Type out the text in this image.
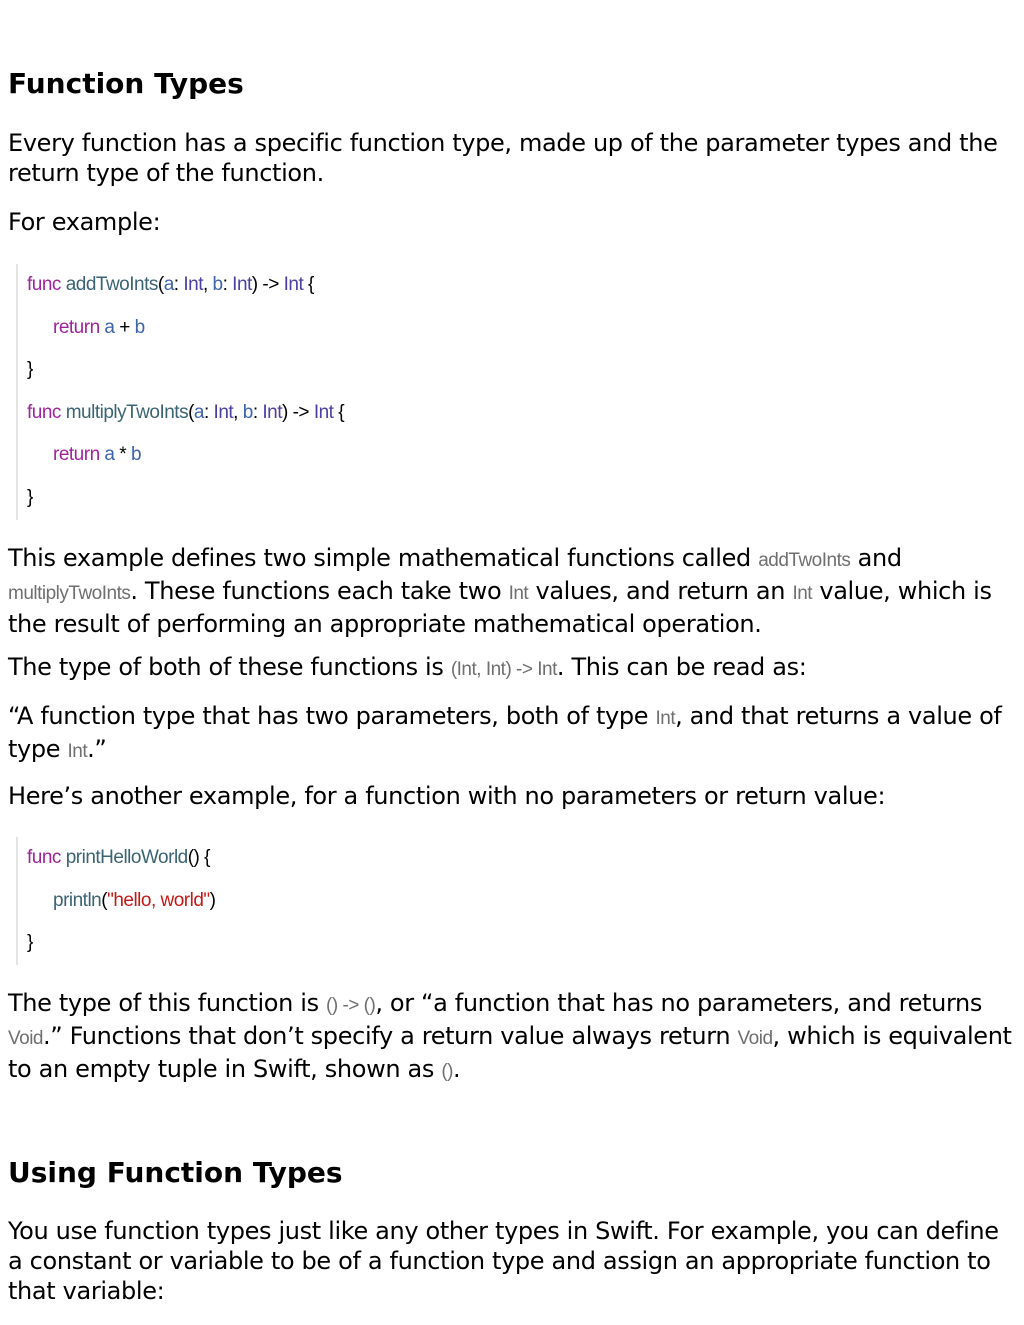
Function Types

Every function has a specific function type, made up of the parameter types and the return type of the function.

For example:

func addTwoInts(a: Int, b: Int) -> Int {
return a + b
}
func multiplyTwoInts(a: Int, b: Int) -> Int {
return a * b
}

This example defines two simple mathematical functions called addTwoInts and multiplyTwoInts. These functions each take two Int values, and return an Int value, which is the result of performing an appropriate mathematical operation.

The type of both of these functions is (Int, Int) -> Int. This can be read as:

“A function type that has two parameters, both of type Int, and that returns a value of type Int.”

Here’s another example, for a function with no parameters or return value:

func printHelloWorld() {
println("hello, world")
}

The type of this function is () -> (), or “a function that has no parameters, and returns Void.” Functions that don’t specify a return value always return Void, which is equivalent to an empty tuple in Swift, shown as ().

Using Function Types

You use function types just like any other types in Swift. For example, you can define a constant or variable to be of a function type and assign an appropriate function to that variable:
